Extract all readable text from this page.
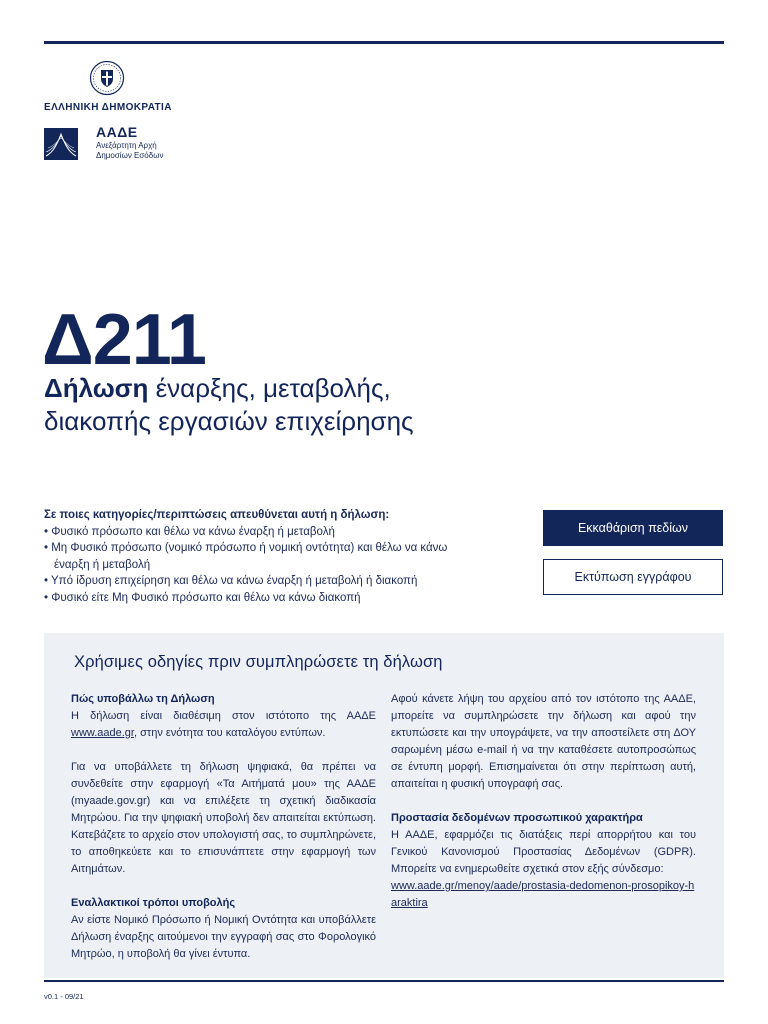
ΕΛΛΗΝΙΚΗ ΔΗΜΟΚΡΑΤΙΑ
ΑΑΔΕ
Ανεξάρτητη Αρχή
Δημοσίων Εσόδων
Δ211
Δήλωση έναρξης, μεταβολής,
διακοπής εργασιών επιχείρησης
Σε ποιες κατηγορίες/περιπτώσεις απευθύνεται αυτή η δήλωση:
• Φυσικό πρόσωπο και θέλω να κάνω έναρξη ή μεταβολή
• Μη Φυσικό πρόσωπο (νομικό πρόσωπο ή νομική οντότητα) και θέλω να κάνω έναρξη ή μεταβολή
• Υπό ίδρυση επιχείρηση και θέλω να κάνω έναρξη ή μεταβολή ή διακοπή
• Φυσικό είτε Μη Φυσικό πρόσωπο και θέλω να κάνω διακοπή
Εκκαθάριση πεδίων
Εκτύπωση εγγράφου
Χρήσιμες οδηγίες πριν συμπληρώσετε τη δήλωση
Πώς υποβάλλω τη Δήλωση

Η δήλωση είναι διαθέσιμη στον ιστότοπο της ΑΑΔΕ www.aade.gr, στην ενότητα του καταλόγου εντύπων.

Για να υποβάλλετε τη δήλωση ψηφιακά, θα πρέπει να συνδεθείτε στην εφαρμογή «Τα Αιτήματά μου» της ΑΑΔΕ (myaade.gov.gr) και να επιλέξετε τη σχετική διαδικασία Μητρώου. Για την ψηφιακή υποβολή δεν απαιτείται εκτύπωση. Κατεβάζετε το αρχείο στον υπολογιστή σας, το συμπληρώνετε, το αποθηκεύετε και το επισυνάπτετε στην εφαρμογή των Αιτημάτων.

Εναλλακτικοί τρόποι υποβολής

Αν είστε Νομικό Πρόσωπο ή Νομική Οντότητα και υποβάλλετε Δήλωση έναρξης αιτούμενοι την εγγραφή σας στο Φορολογικό Μητρώο, η υποβολή θα γίνει έντυπα.

Αφού κάνετε λήψη του αρχείου από τον ιστότοπο της ΑΑΔΕ, μπορείτε να συμπληρώσετε την δήλωση και αφού την εκτυπώσετε και την υπογράψετε, να την αποστείλετε στη ΔΟΥ σαρωμένη μέσω e-mail ή να την καταθέσετε αυτοπροσώπως σε έντυπη μορφή. Επισημαίνεται ότι στην περίπτωση αυτή, απαιτείται η φυσική υπογραφή σας.

Προστασία δεδομένων προσωπικού χαρακτήρα

Η ΑΑΔΕ, εφαρμόζει τις διατάξεις περί απορρήτου και του Γενικού Κανονισμού Προστασίας Δεδομένων (GDPR). Μπορείτε να ενημερωθείτε σχετικά στον εξής σύνδεσμο:
www.aade.gr/menoy/aade/prostasia-dedomenon-prosopikoy-haraktira

v0.1 - 09/21
